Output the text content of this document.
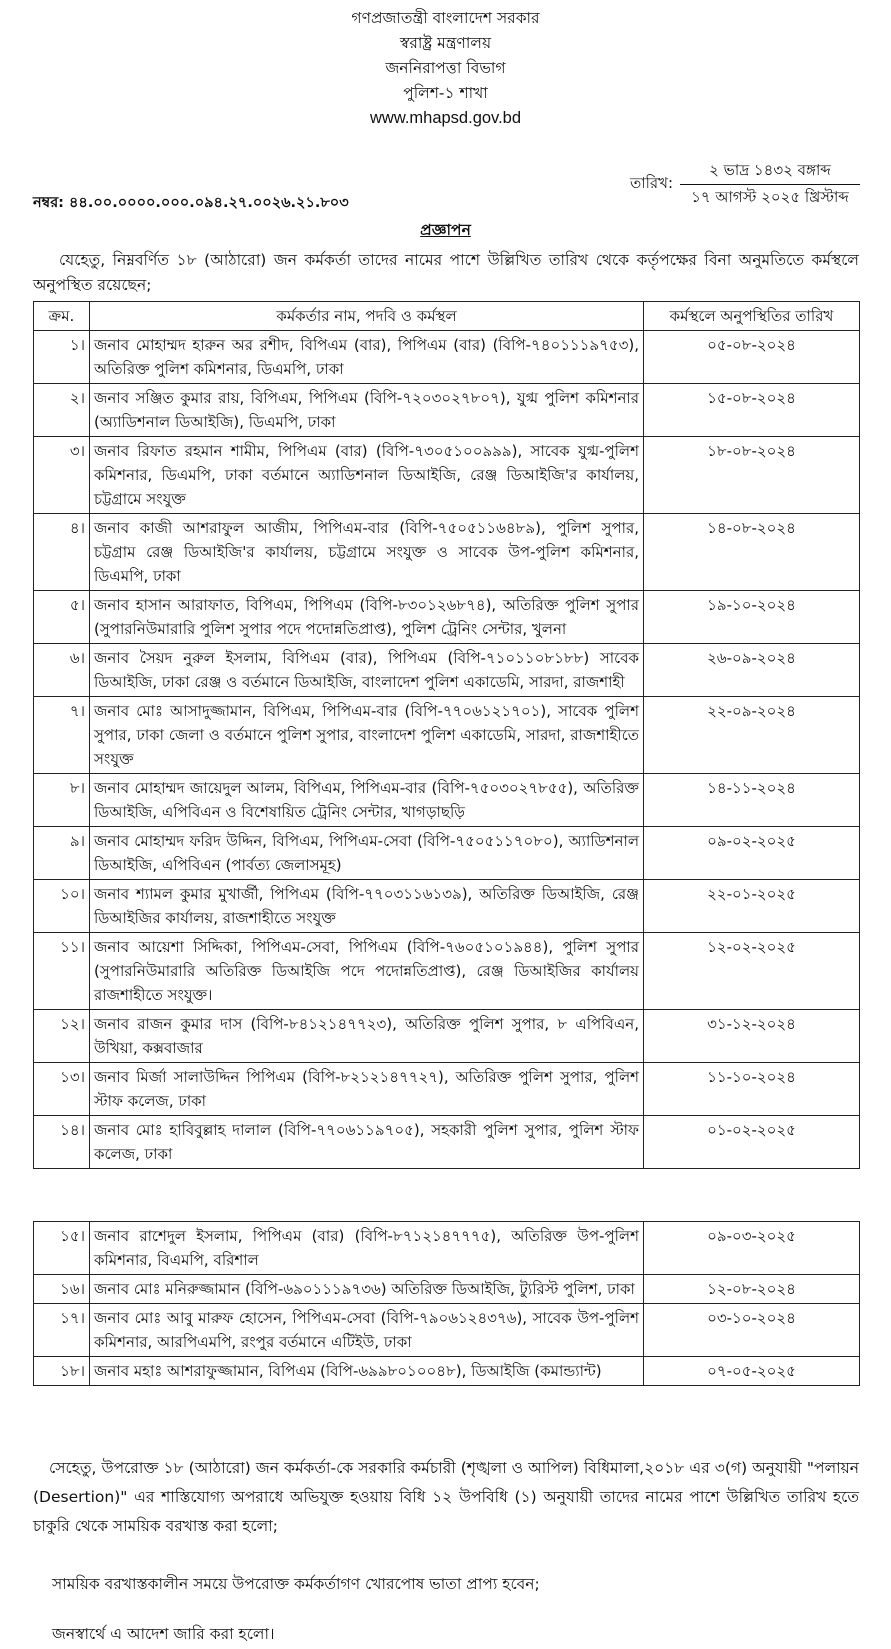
গণপ্রজাতন্ত্রী বাংলাদেশ সরকার
স্বরাষ্ট্র মন্ত্রণালয়
জননিরাপত্তা বিভাগ
পুলিশ-১ শাখা
www.mhapsd.gov.bd
তারিখ:
২ ভাদ্র ১৪৩২ বঙ্গাব্দ
১৭ আগস্ট ২০২৫ খ্রিস্টাব্দ
নম্বর: ৪৪.০০.০০০০.০০০.০৯৪.২৭.০০২৬.২১.৮০৩
প্রজ্ঞাপন
যেহেতু, নিম্নবর্ণিত ১৮ (আঠারো) জন কর্মকর্তা তাদের নামের পাশে উল্লিখিত তারিখ থেকে কর্তৃপক্ষের বিনা অনুমতিতে কর্মস্থলে অনুপস্থিত রয়েছেন;
ক্রম.	কর্মকর্তার নাম, পদবি ও কর্মস্থল	কর্মস্থলে অনুপস্থিতির তারিখ
১।	জনাব মোহাম্মদ হারুন অর রশীদ, বিপিএম (বার), পিপিএম (বার) (বিপি-৭৪০১১১৯৭৫৩), অতিরিক্ত পুলিশ কমিশনার, ডিএমপি, ঢাকা	০৫-০৮-২০২৪
২।	জনাব সঞ্জিত কুমার রায়, বিপিএম, পিপিএম (বিপি-৭২০৩০২৭৮০৭), যুগ্ম পুলিশ কমিশনার (অ্যাডিশনাল ডিআইজি), ডিএমপি, ঢাকা	১৫-০৮-২০২৪
৩।	জনাব রিফাত রহমান শামীম, পিপিএম (বার) (বিপি-৭৩০৫১০০৯৯৯), সাবেক যুগ্ম-পুলিশ কমিশনার, ডিএমপি, ঢাকা বর্তমানে অ্যাডিশনাল ডিআইজি, রেঞ্জ ডিআইজি'র কার্যালয়, চট্টগ্রামে সংযুক্ত	১৮-০৮-২০২৪
৪।	জনাব কাজী আশরাফুল আজীম, পিপিএম-বার (বিপি-৭৫০৫১১৬৪৮৯), পুলিশ সুপার, চট্টগ্রাম রেঞ্জ ডিআইজি'র কার্যালয়, চট্টগ্রামে সংযুক্ত ও সাবেক উপ-পুলিশ কমিশনার, ডিএমপি, ঢাকা	১৪-০৮-২০২৪
৫।	জনাব হাসান আরাফাত, বিপিএম, পিপিএম (বিপি-৮৩০১২৬৮৭৪), অতিরিক্ত পুলিশ সুপার (সুপারনিউমারারি পুলিশ সুপার পদে পদোন্নতিপ্রাপ্ত), পুলিশ ট্রেনিং সেন্টার, খুলনা	১৯-১০-২০২৪
৬।	জনাব সৈয়দ নুরুল ইসলাম, বিপিএম (বার), পিপিএম (বিপি-৭১০১১০৮১৮৮) সাবেক ডিআইজি, ঢাকা রেঞ্জ ও বর্তমানে ডিআইজি, বাংলাদেশ পুলিশ একাডেমি, সারদা, রাজশাহী	২৬-০৯-২০২৪
৭।	জনাব মোঃ আসাদুজ্জামান, বিপিএম, পিপিএম-বার (বিপি-৭৭০৬১২১৭০১), সাবেক পুলিশ সুপার, ঢাকা জেলা ও বর্তমানে পুলিশ সুপার, বাংলাদেশ পুলিশ একাডেমি, সারদা, রাজশাহীতে সংযুক্ত	২২-০৯-২০২৪
৮।	জনাব মোহাম্মদ জায়েদুল আলম, বিপিএম, পিপিএম-বার (বিপি-৭৫০৩০২৭৮৫৫), অতিরিক্ত ডিআইজি, এপিবিএন ও বিশেষায়িত ট্রেনিং সেন্টার, খাগড়াছড়ি	১৪-১১-২০২৪
৯।	জনাব মোহাম্মদ ফরিদ উদ্দিন, বিপিএম, পিপিএম-সেবা (বিপি-৭৫০৫১১৭০৮০), অ্যাডিশনাল ডিআইজি, এপিবিএন (পার্বত্য জেলাসমূহ)	০৯-০২-২০২৫
১০।	জনাব শ্যামল কুমার মুখার্জী, পিপিএম (বিপি-৭৭০৩১১৬১৩৯), অতিরিক্ত ডিআইজি, রেঞ্জ ডিআইজির কার্যালয়, রাজশাহীতে সংযুক্ত	২২-০১-২০২৫
১১।	জনাব আয়েশা সিদ্দিকা, পিপিএম-সেবা, পিপিএম (বিপি-৭৬০৫১০১৯৪৪), পুলিশ সুপার (সুপারনিউমারারি অতিরিক্ত ডিআইজি পদে পদোন্নতিপ্রাপ্ত), রেঞ্জ ডিআইজির কার্যালয় রাজশাহীতে সংযুক্ত।	১২-০২-২০২৫
১২।	জনাব রাজন কুমার দাস (বিপি-৮৪১২১৪৭৭২৩), অতিরিক্ত পুলিশ সুপার, ৮ এপিবিএন, উখিয়া, কক্সবাজার	৩১-১২-২০২৪
১৩।	জনাব মির্জা সালাউদ্দিন পিপিএম (বিপি-৮২১২১৪৭৭২৭), অতিরিক্ত পুলিশ সুপার, পুলিশ স্টাফ কলেজ, ঢাকা	১১-১০-২০২৪
১৪।	জনাব মোঃ হাবিবুল্লাহ দালাল (বিপি-৭৭০৬১১৯৭০৫), সহকারী পুলিশ সুপার, পুলিশ স্টাফ কলেজ, ঢাকা	০১-০২-২০২৫
১৫।	জনাব রাশেদুল ইসলাম, পিপিএম (বার) (বিপি-৮৭১২১৪৭৭৭৫), অতিরিক্ত উপ-পুলিশ কমিশনার, বিএমপি, বরিশাল	০৯-০৩-২০২৫
১৬।	জনাব মোঃ মনিরুজ্জামান (বিপি-৬৯০১১১৯৭৩৬) অতিরিক্ত ডিআইজি, ট্যুরিস্ট পুলিশ, ঢাকা	১২-০৮-২০২৪
১৭।	জনাব মোঃ আবু মারুফ হোসেন, পিপিএম-সেবা (বিপি-৭৯০৬১২৪৩৭৬), সাবেক উপ-পুলিশ কমিশনার, আরপিএমপি, রংপুর বর্তমানে এটিইউ, ঢাকা	০৩-১০-২০২৪
১৮।	জনাব মহাঃ আশরাফুজ্জামান, বিপিএম (বিপি-৬৯৯৮০১০০৪৮), ডিআইজি (কমান্ড্যান্ট)	০৭-০৫-২০২৫
সেহেতু, উপরোক্ত ১৮ (আঠারো) জন কর্মকর্তা-কে সরকারি কর্মচারী (শৃঙ্খলা ও আপিল) বিধিমালা,২০১৮ এর ৩(গ) অনুযায়ী "পলায়ন (Desertion)" এর শাস্তিযোগ্য অপরাধে অভিযুক্ত হওয়ায় বিধি ১২ উপবিধি (১) অনুযায়ী তাদের নামের পাশে উল্লিখিত তারিখ হতে চাকুরি থেকে সাময়িক বরখাস্ত করা হলো;
সাময়িক বরখাস্তকালীন সময়ে উপরোক্ত কর্মকর্তাগণ খোরপোষ ভাতা প্রাপ্য হবেন;
জনস্বার্থে এ আদেশ জারি করা হলো।
